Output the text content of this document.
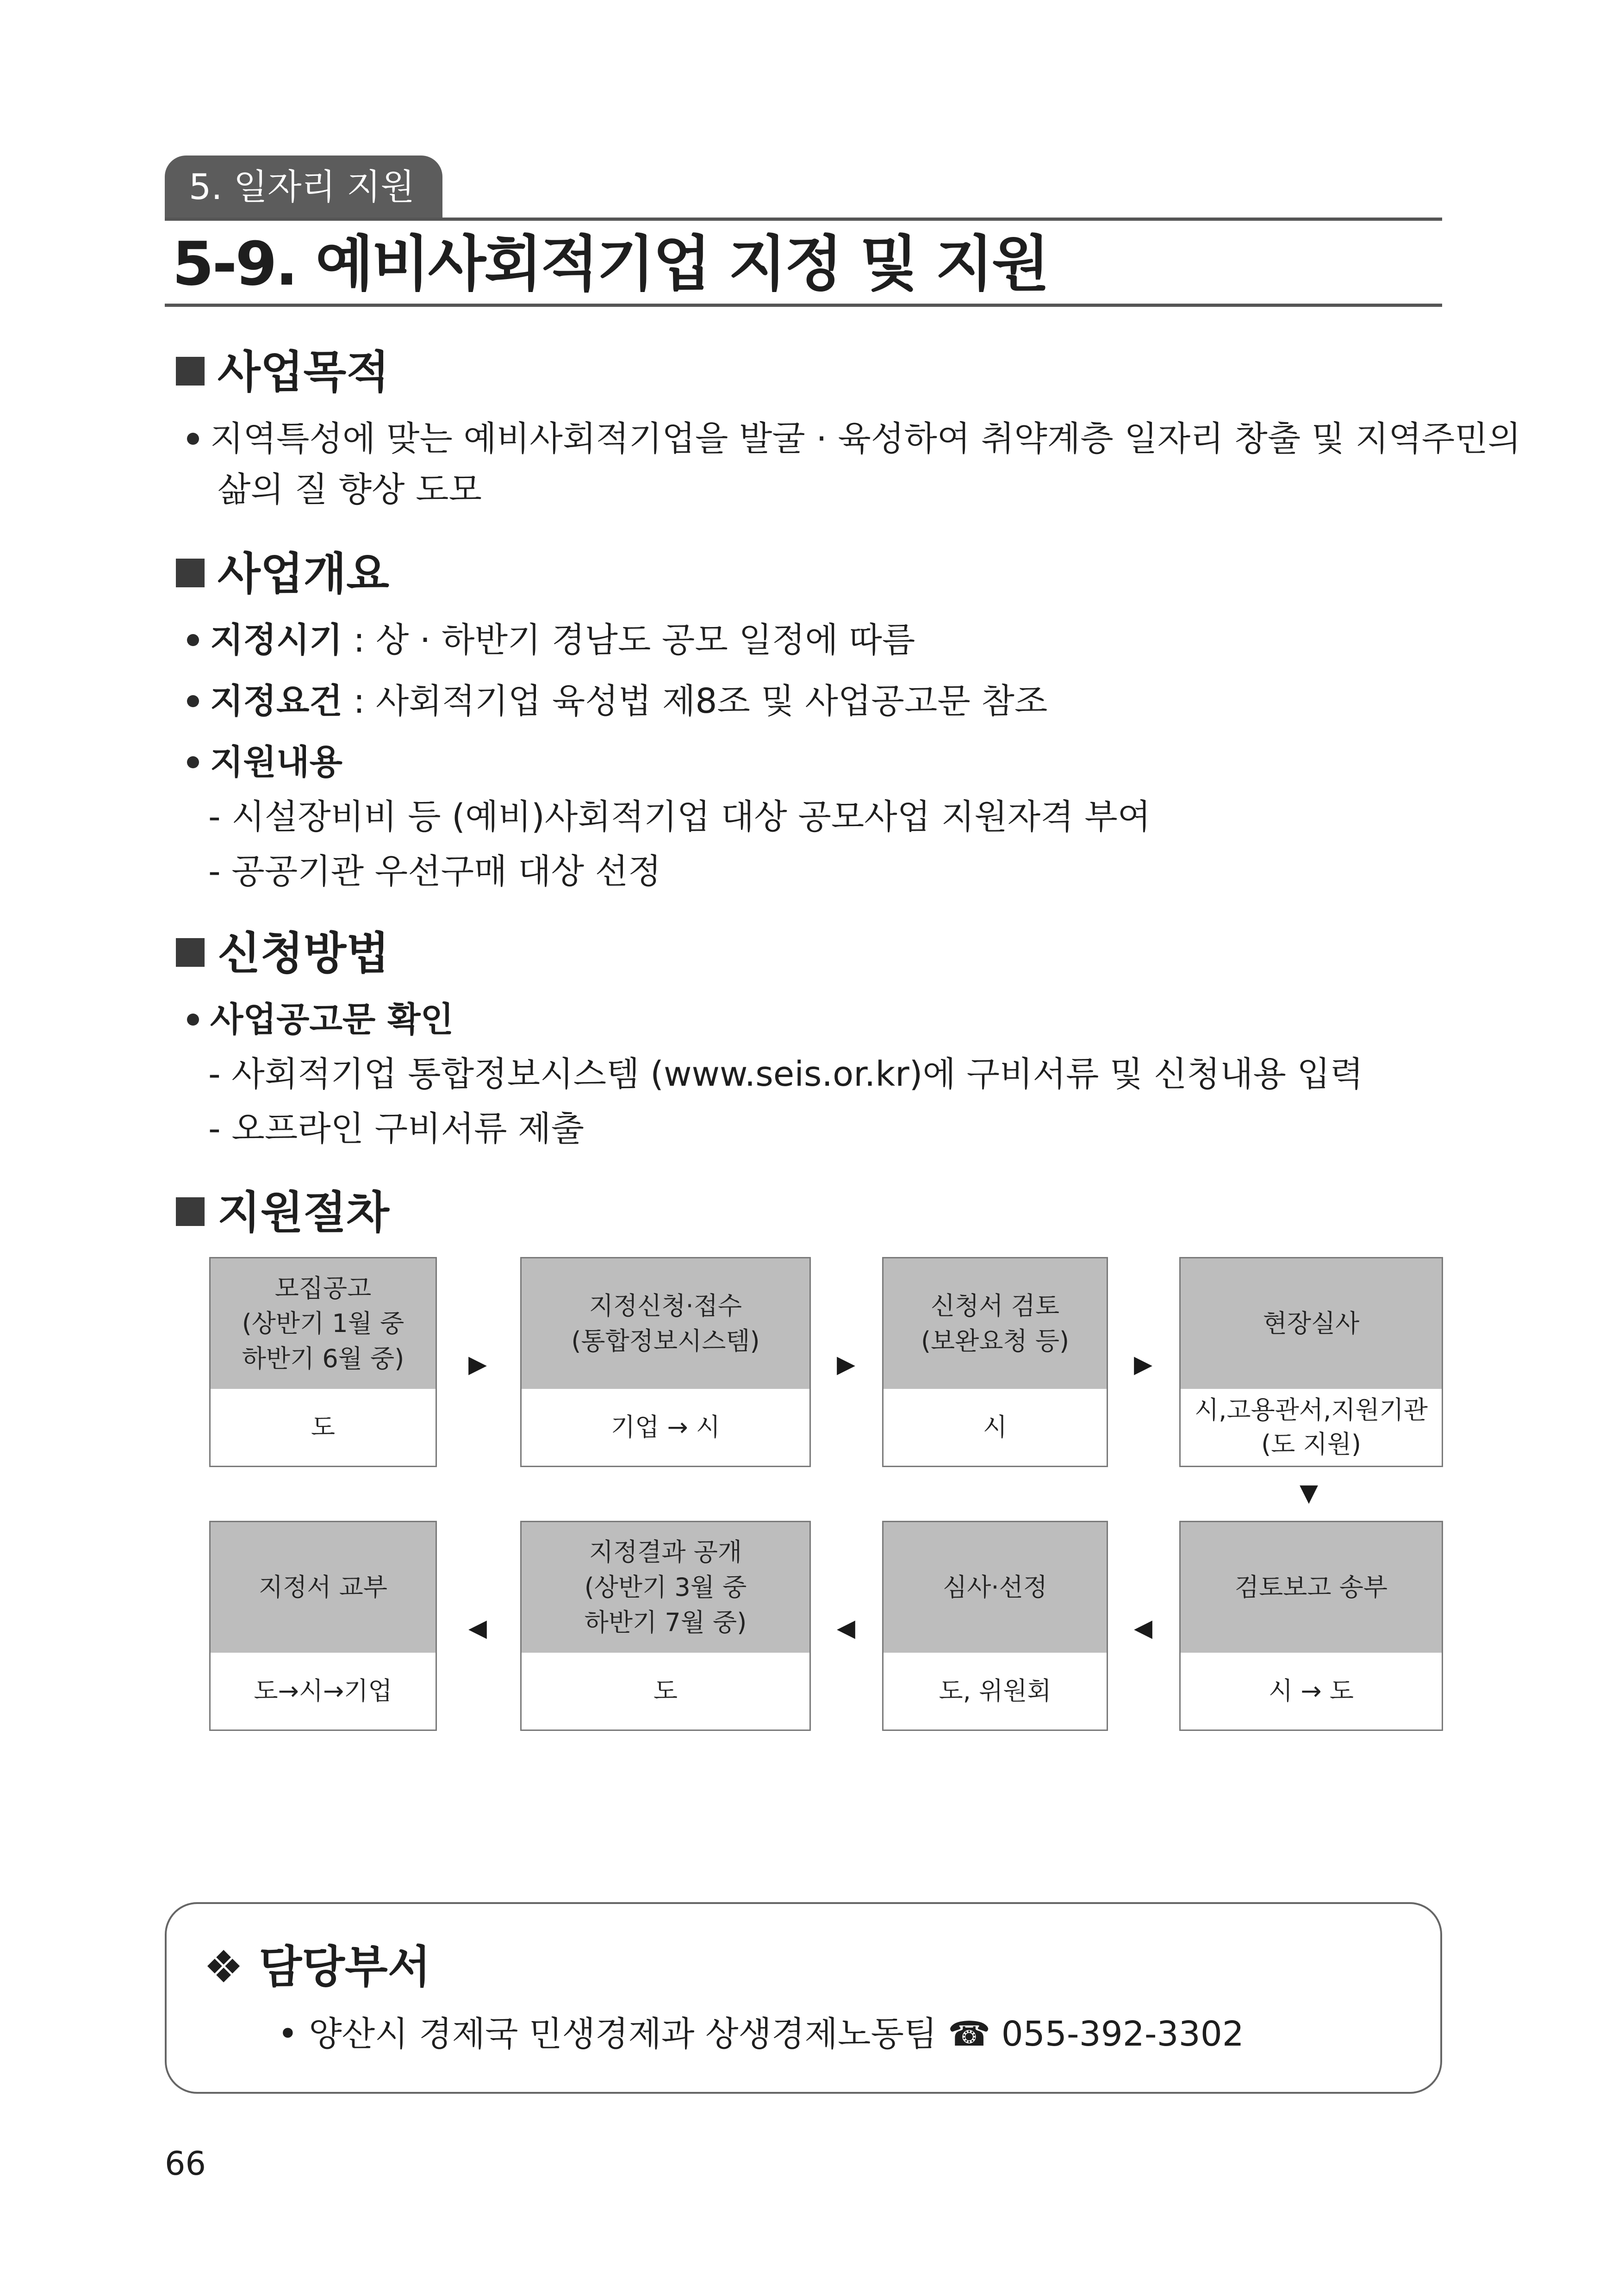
5. 일자리 지원
5-9. 예비사회적기업 지정 및 지원
사업목적
지역특성에 맞는 예비사회적기업을 발굴 · 육성하여 취약계층 일자리 창출 및 지역주민의
삶의 질 향상 도모
사업개요
지정시기 : 상 · 하반기 경남도 공모 일정에 따름
지정요건 : 사회적기업 육성법 제8조 및 사업공고문 참조
지원내용
- 시설장비비 등 (예비)사회적기업 대상 공모사업 지원자격 부여
- 공공기관 우선구매 대상 선정
신청방법
사업공고문 확인
- 사회적기업 통합정보시스템 (www.seis.or.kr)에 구비서류 및 신청내용 입력
- 오프라인 구비서류 제출
지원절차
모집공고
(상반기 1월 중
하반기 6월 중)
도
▶
지정신청·접수
(통합정보시스템)
기업 → 시
▶
신청서 검토
(보완요청 등)
시
▶
현장실사
시,고용관서,지원기관
(도 지원)
▼
지정서 교부
도→시→기업
◀
지정결과 공개
(상반기 3월 중
하반기 7월 중)
도
◀
심사·선정
도, 위원회
◀
검토보고 송부
시 → 도
❖ 담당부서
• 양산시 경제국 민생경제과 상생경제노동팀 ☎ 055-392-3302
66
